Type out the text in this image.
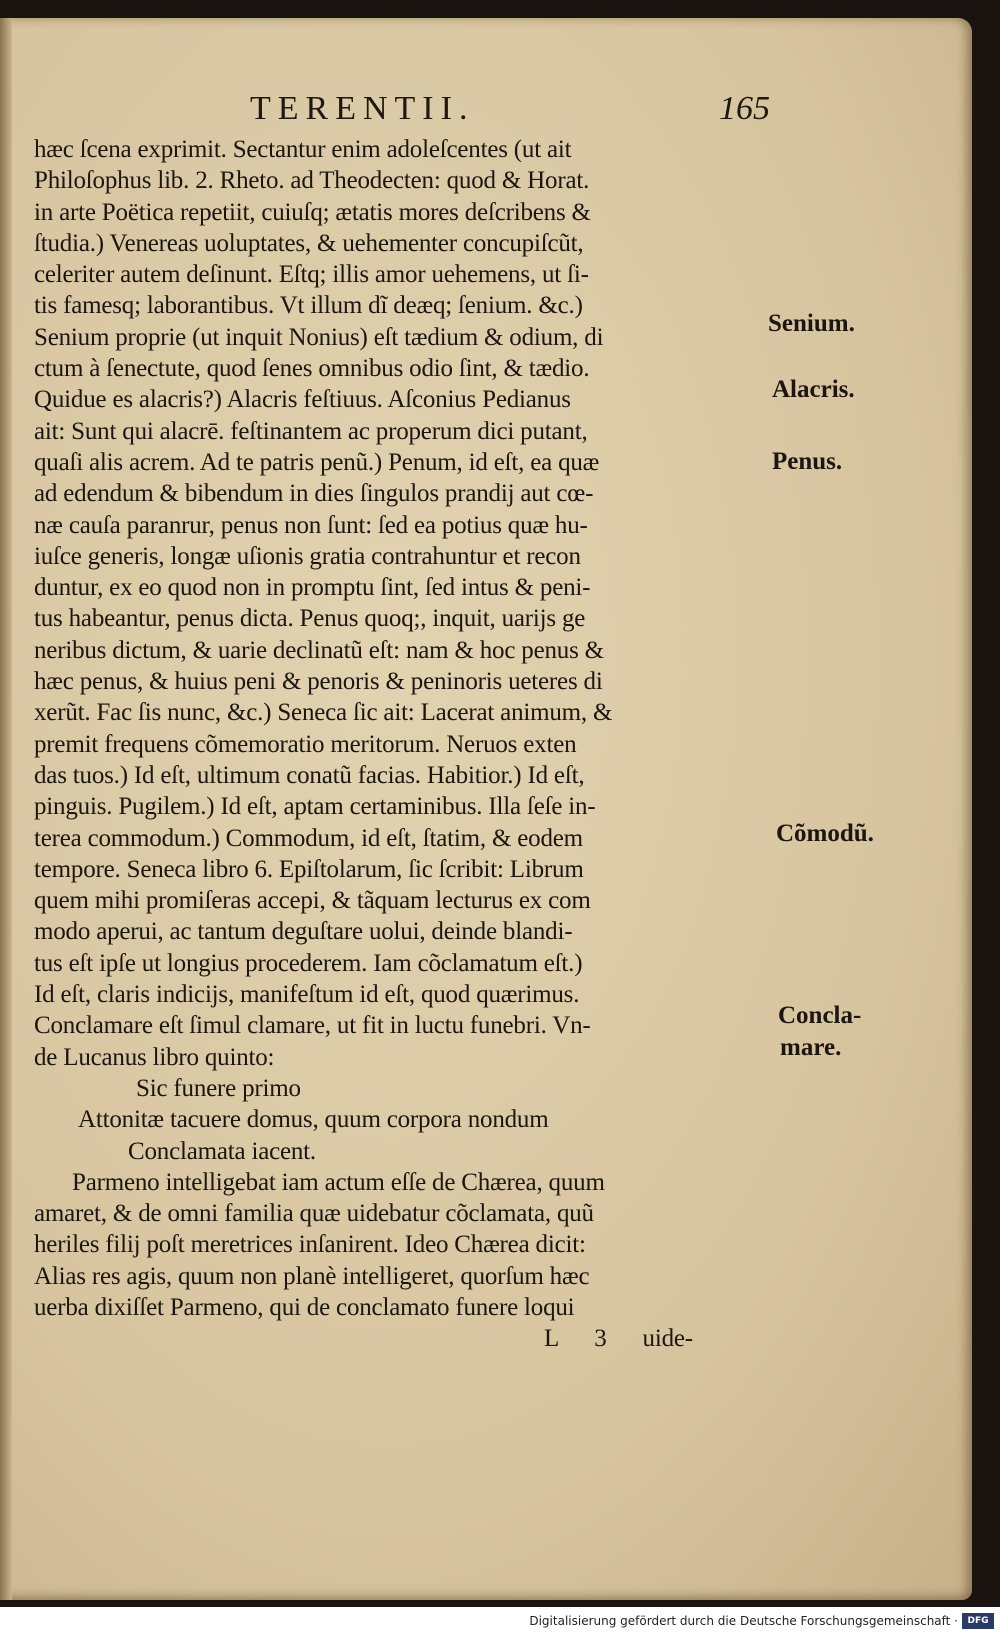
TERENTII.	165
hæc ſcena exprimit. Sectantur enim adoleſcentes (ut ait
Philoſophus lib. 2. Rheto. ad Theodecten: quod & Horat.
in arte Poëtica repetiit, cuiuſq; ætatis mores deſcribens &
ſtudia.) Venereas uoluptates, & uehementer concupiſcũt,
celeriter autem deſinunt. Eſtq; illis amor uehemens, ut ſi-
tis famesq; laborantibus. Vt illum dĩ deæq; ſenium. &c.)
Senium proprie (ut inquit Nonius) eſt tædium & odium, di
ctum à ſenectute, quod ſenes omnibus odio ſint, & tædio.
Quidue es alacris?) Alacris feſtiuus. Aſconius Pedianus
ait: Sunt qui alacrē. feſtinantem ac properum dici putant,
quaſi alis acrem. Ad te patris penũ.) Penum, id eſt, ea quæ
ad edendum & bibendum in dies ſingulos prandij aut cœ-
næ cauſa paranrur, penus non ſunt: ſed ea potius quæ hu-
iuſce generis, longæ uſionis gratia contrahuntur et recon
duntur, ex eo quod non in promptu ſint, ſed intus & peni-
tus habeantur, penus dicta. Penus quoq;, inquit, uarijs ge
neribus dictum, & uarie declinatũ eſt: nam & hoc penus &
hæc penus, & huius peni & penoris & peninoris ueteres di
xerũt. Fac ſis nunc, &c.) Seneca ſic ait: Lacerat animum, &
premit frequens cõmemoratio meritorum. Neruos exten
das tuos.) Id eſt, ultimum conatũ facias. Habitior.) Id eſt,
pinguis. Pugilem.) Id eſt, aptam certaminibus. Illa ſeſe in-
terea commodum.) Commodum, id eſt, ſtatim, & eodem
tempore. Seneca libro 6. Epiſtolarum, ſic ſcribit: Librum
quem mihi promiſeras accepi, & tãquam lecturus ex com
modo aperui, ac tantum deguſtare uolui, deinde blandi-
tus eſt ipſe ut longius procederem. Iam cõclamatum eſt.)
Id eſt, claris indicijs, manifeſtum id eſt, quod quærimus.
Conclamare eſt ſimul clamare, ut fit in luctu funebri. Vn-
de Lucanus libro quinto:
Sic funere primo
Attonitæ tacuere domus, quum corpora nondum
Conclamata iacent.
Parmeno intelligebat iam actum eſſe de Chærea, quum
amaret, & de omni familia quæ uidebatur cõclamata, quũ
heriles filij poſt meretrices inſanirent. Ideo Chærea dicit:
Alias res agis, quum non planè intelligeret, quorſum hæc
uerba dixiſſet Parmeno, qui de conclamato funere loqui
L 3 uide-
Senium.
Alacris.
Penus.
Cõmodũ.
Concla-
mare.
Digitalisierung gefördert durch die Deutsche Forschungsgemeinschaft ·	DFG
